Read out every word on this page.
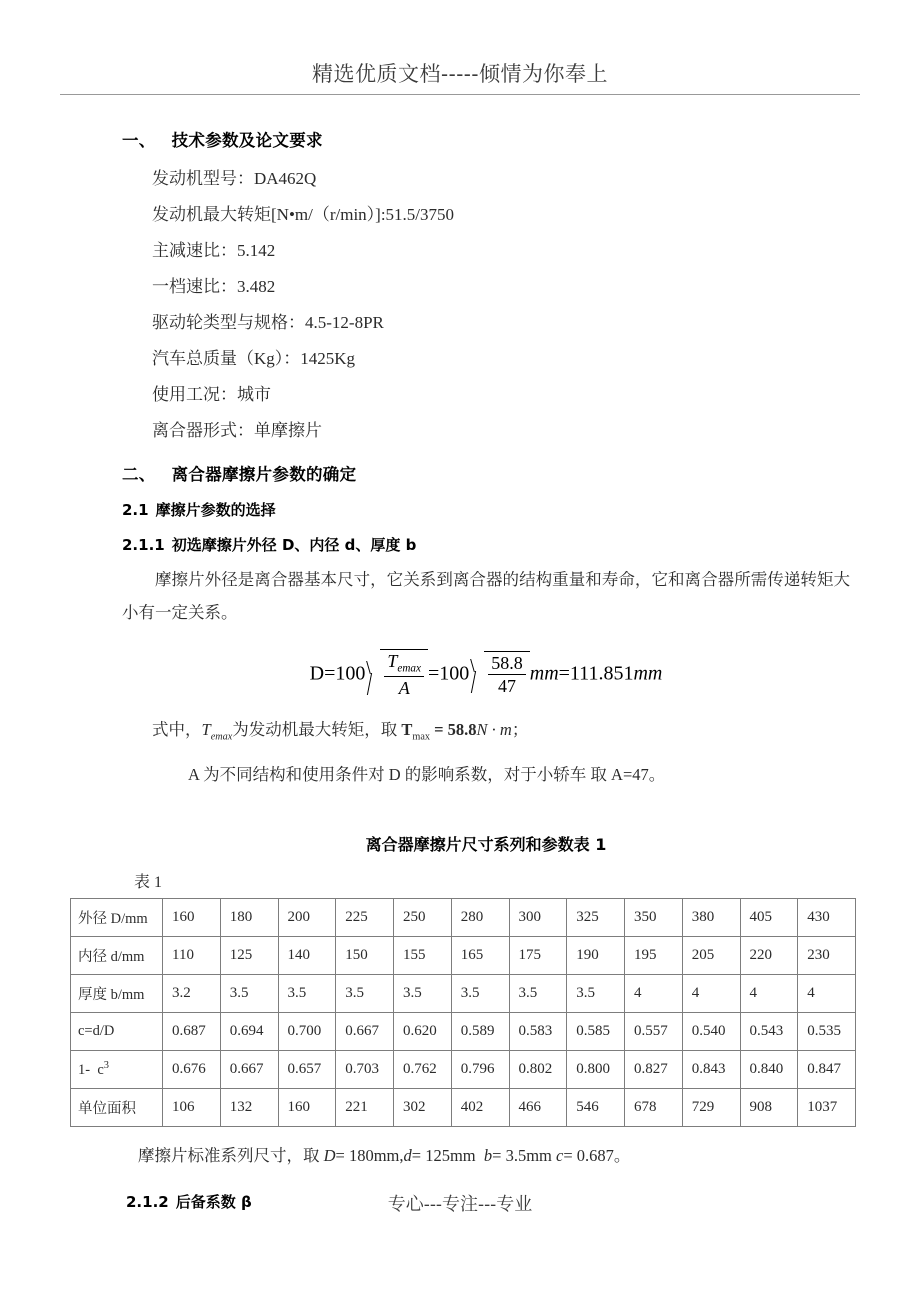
精选优质文档-----倾情为你奉上
一、 技术参数及论文要求
发动机型号：DA462Q
发动机最大转矩[N•m/（r/min）]:51.5/3750
主减速比：5.142
一档速比：3.482
驱动轮类型与规格：4.5-12-8PR
汽车总质量（Kg）：1425Kg
使用工况：城市
离合器形式：单摩擦片
二、 离合器摩擦片参数的确定
2.1 摩擦片参数的选择
2.1.1 初选摩擦片外径 D、内径 d、厚度 b

摩擦片外径是离合器基本尺寸，它关系到离合器的结构重量和寿命，它和离合器所需传递转矩大小有一定关系。

$D=100 \frac{T_{emax}}{A} =100 \frac{58.8}{47} mm=111.851mm$

式中，$T_{emax}$为发动机最大转矩，取 $T_{max} = 58.8N \cdot m$；

A 为不同结构和使用条件对 D 的影响系数，对于小轿车 取 A=47。

离合器摩擦片尺寸系列和参数表 1
表 1
外径 D/mm	160	180	200	225	250	280	300	325	350	380	405	430
内径 d/mm	110	125	140	150	155	165	175	190	195	205	220	230
厚度 b/mm	3.2	3.5	3.5	3.5	3.5	3.5	3.5	3.5	4	4	4	4
c=d/D	0.687	0.694	0.700	0.667	0.620	0.589	0.583	0.585	0.557	0.540	0.543	0.535
1-  $c^3$	0.676	0.667	0.657	0.703	0.762	0.796	0.802	0.800	0.827	0.843	0.840	0.847
单位面积	106	132	160	221	302	402	466	546	678	729	908	1037

摩擦片标准系列尺寸，取 D= 180mm,d= 125mm b= 3.5mm c= 0.687。

2.1.2 后备系数 β	专心---专注---专业
